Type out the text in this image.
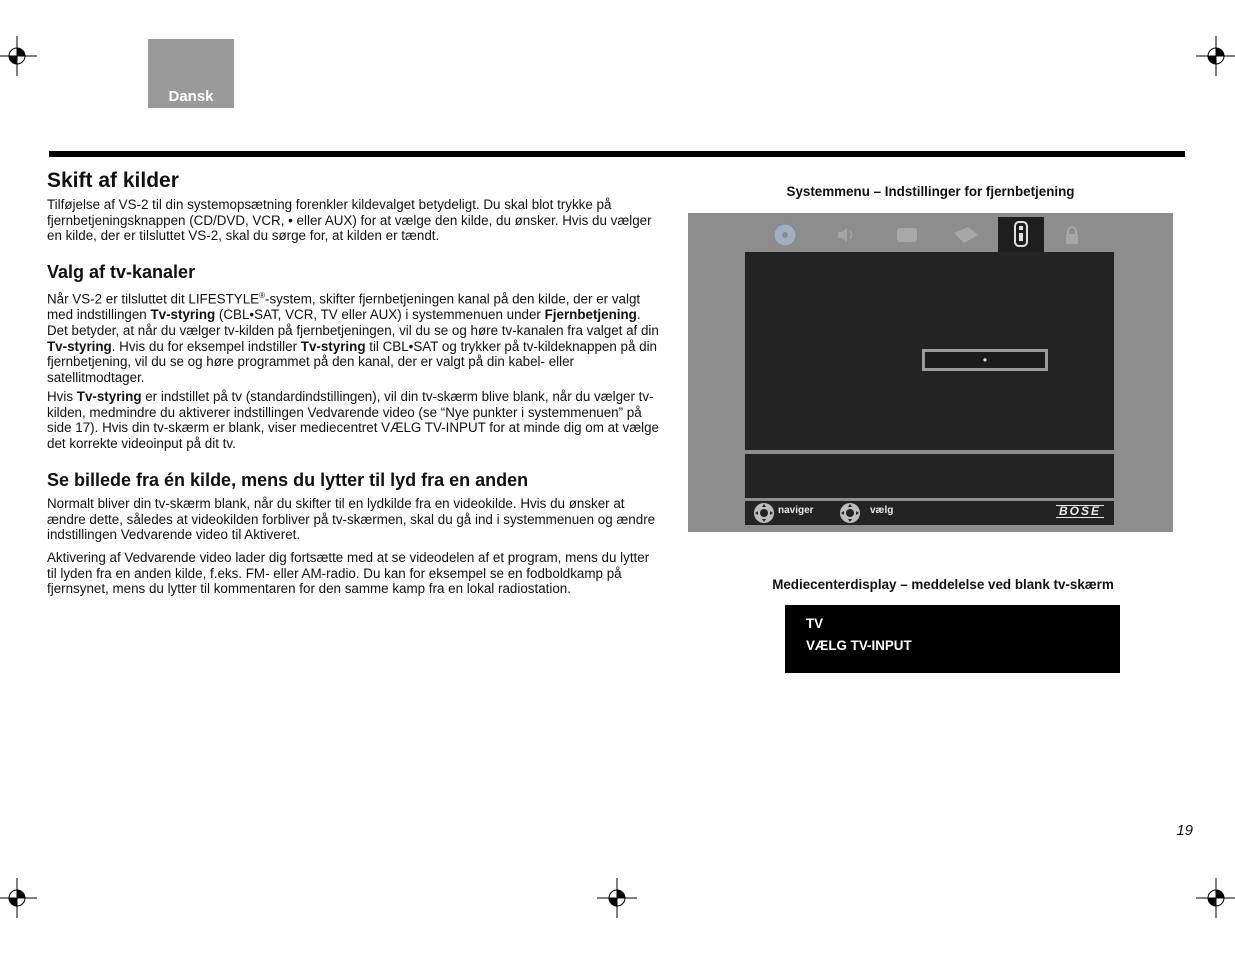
Dansk
Skift af kilder

Tilføjelse af VS-2 til din systemopsætning forenkler kildevalget betydeligt. Du skal blot trykke på fjernbetjeningsknappen (CD/DVD, VCR, • eller AUX) for at vælge den kilde, du ønsker. Hvis du vælger en kilde, der er tilsluttet VS-2, skal du sørge for, at kilden er tændt.

Valg af tv-kanaler

Når VS-2 er tilsluttet dit LIFESTYLE®-system, skifter fjernbetjeningen kanal på den kilde, der er valgt med indstillingen Tv-styring (CBL•SAT, VCR, TV eller AUX) i systemmenuen under Fjernbetjening. Det betyder, at når du vælger tv-kilden på fjernbetjeningen, vil du se og høre tv-kanalen fra valget af din Tv-styring. Hvis du for eksempel indstiller Tv-styring til CBL•SAT og trykker på tv-kildeknappen på din fjernbetjening, vil du se og høre programmet på den kanal, der er valgt på din kabel- eller satellitmodtager.

Hvis Tv-styring er indstillet på tv (standardindstillingen), vil din tv-skærm blive blank, når du vælger tv-kilden, medmindre du aktiverer indstillingen Vedvarende video (se “Nye punkter i systemmenuen” på side 17). Hvis din tv-skærm er blank, viser mediecentret VÆLG TV-INPUT for at minde dig om at vælge det korrekte videoinput på dit tv.

Se billede fra én kilde, mens du lytter til lyd fra en anden

Normalt bliver din tv-skærm blank, når du skifter til en lydkilde fra en videokilde. Hvis du ønsker at ændre dette, således at videokilden forbliver på tv-skærmen, skal du gå ind i systemmenuen og ændre indstillingen Vedvarende video til Aktiveret.

Aktivering af Vedvarende video lader dig fortsætte med at se videodelen af et program, mens du lytter til lyden fra en anden kilde, f.eks. FM- eller AM-radio. Du kan for eksempel se en fodboldkamp på fjernsynet, mens du lytter til kommentaren for den samme kamp fra en lokal radiostation.

Systemmenu – Indstillinger for fjernbetjening
•
naviger	vælg	BOSE
Mediecenterdisplay – meddelelse ved blank tv-skærm
TV
VÆLG TV-INPUT
19
